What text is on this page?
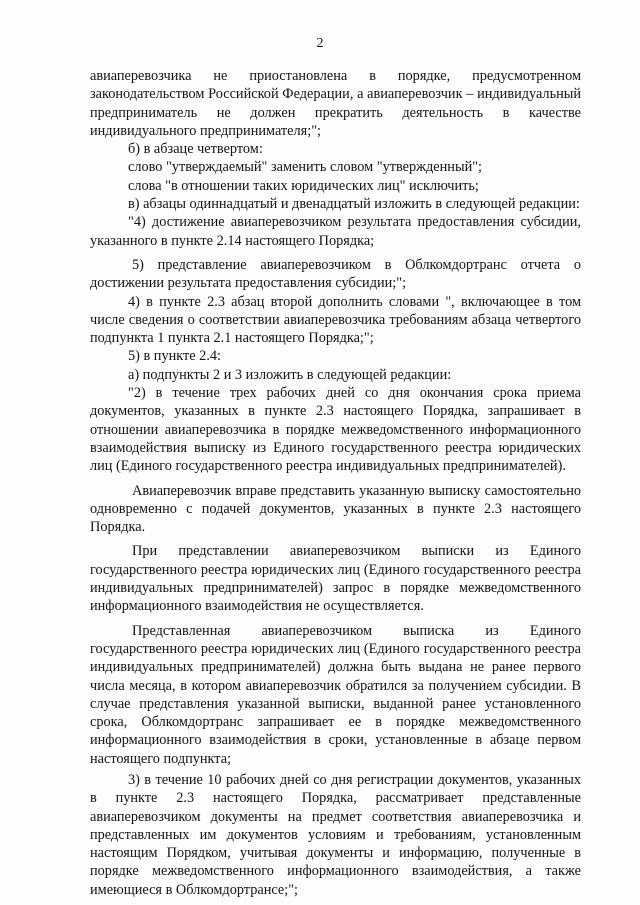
2

авиаперевозчика не приостановлена в порядке, предусмотренном законодательством Российской Федерации, а авиаперевозчик – индивидуальный предприниматель не должен прекратить деятельность в качестве индивидуального предпринимателя;";

б) в абзаце четвертом:

слово "утверждаемый" заменить словом "утвержденный";

слова "в отношении таких юридических лиц" исключить;

в) абзацы одиннадцатый и двенадцатый изложить в следующей редакции:

"4) достижение авиаперевозчиком результата предоставления субсидии, указанного в пункте 2.14 настоящего Порядка;

5) представление авиаперевозчиком в Облкомдортранс отчета о достижении результата предоставления субсидии;";

4) в пункте 2.3 абзац второй дополнить словами ", включающее в том числе сведения о соответствии авиаперевозчика требованиям абзаца четвертого подпункта 1 пункта 2.1 настоящего Порядка;";

5) в пункте 2.4:

а) подпункты 2 и 3 изложить в следующей редакции:

"2) в течение трех рабочих дней со дня окончания срока приема документов, указанных в пункте 2.3 настоящего Порядка, запрашивает в отношении авиаперевозчика в порядке межведомственного информационного взаимодействия выписку из Единого государственного реестра юридических лиц (Единого государственного реестра индивидуальных предпринимателей).

Авиаперевозчик вправе представить указанную выписку самостоятельно одновременно с подачей документов, указанных в пункте 2.3 настоящего Порядка.

При представлении авиаперевозчиком выписки из Единого государственного реестра юридических лиц (Единого государственного реестра индивидуальных предпринимателей) запрос в порядке межведомственного информационного взаимодействия не осуществляется.

Представленная авиаперевозчиком выписка из Единого государственного реестра юридических лиц (Единого государственного реестра индивидуальных предпринимателей) должна быть выдана не ранее первого числа месяца, в котором авиаперевозчик обратился за получением субсидии. В случае представления указанной выписки, выданной ранее установленного срока, Облкомдортранс запрашивает ее в порядке межведомственного информационного взаимодействия в сроки, установленные в абзаце первом настоящего подпункта;

3) в течение 10 рабочих дней со дня регистрации документов, указанных в пункте 2.3 настоящего Порядка, рассматривает представленные авиаперевозчиком документы на предмет соответствия авиаперевозчика и представленных им документов условиям и требованиям, установленным настоящим Порядком, учитывая документы и информацию, полученные в порядке межведомственного информационного взаимодействия, а также имеющиеся в Облкомдортрансе;";
